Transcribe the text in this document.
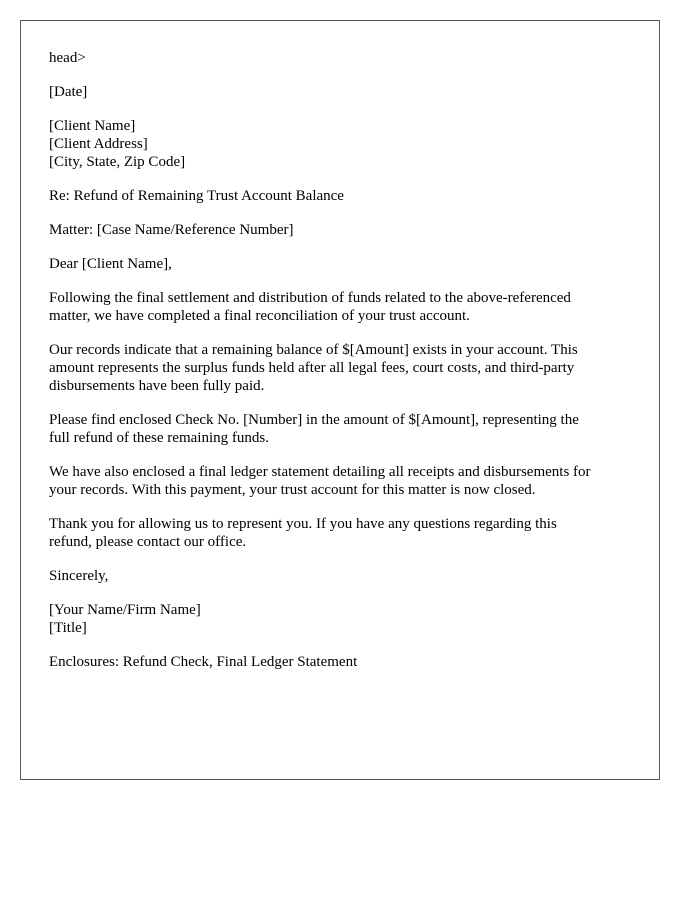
head>
[Date]
[Client Name]
[Client Address]
[City, State, Zip Code]
Re: Refund of Remaining Trust Account Balance
Matter: [Case Name/Reference Number]
Dear [Client Name],
Following the final settlement and distribution of funds related to the above-referenced
matter, we have completed a final reconciliation of your trust account.
Our records indicate that a remaining balance of $[Amount] exists in your account. This
amount represents the surplus funds held after all legal fees, court costs, and third-party
disbursements have been fully paid.
Please find enclosed Check No. [Number] in the amount of $[Amount], representing the
full refund of these remaining funds.
We have also enclosed a final ledger statement detailing all receipts and disbursements for
your records. With this payment, your trust account for this matter is now closed.
Thank you for allowing us to represent you. If you have any questions regarding this
refund, please contact our office.
Sincerely,
[Your Name/Firm Name]
[Title]
Enclosures: Refund Check, Final Ledger Statement
